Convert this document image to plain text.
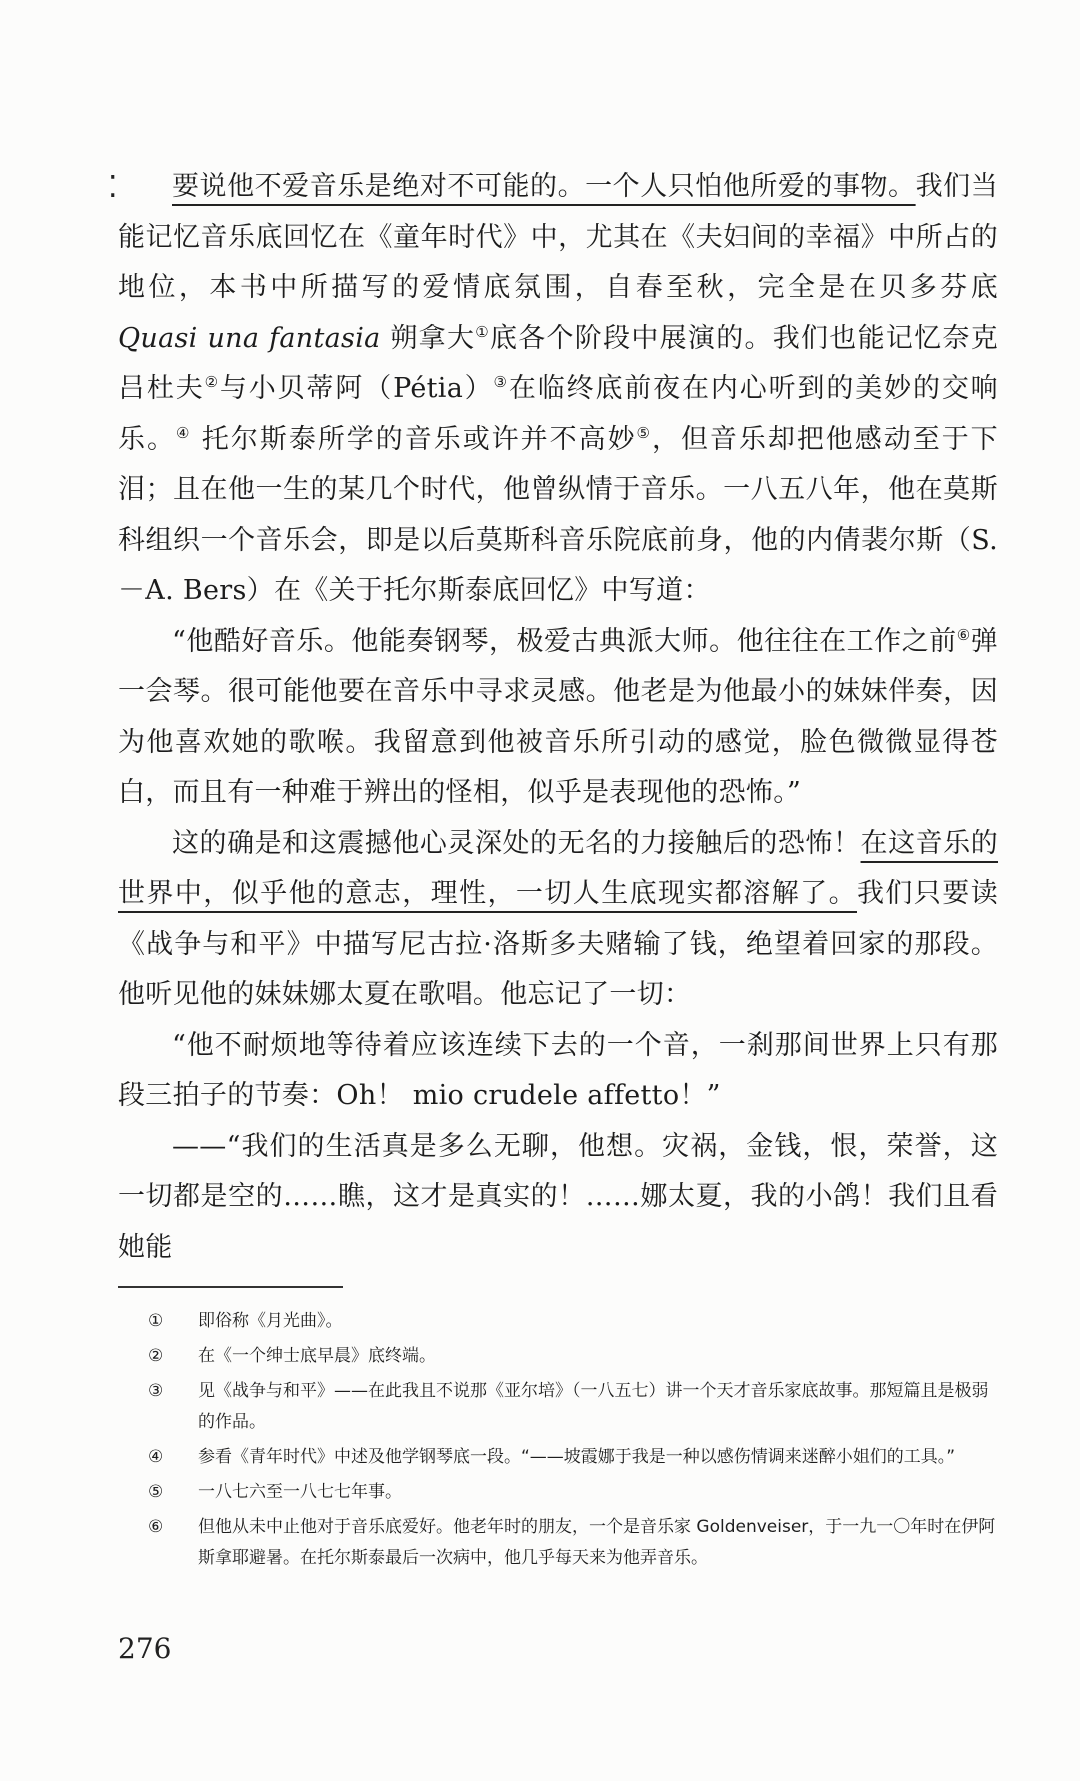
⁚	要说他不爱音乐是绝对不可能的。一个人只怕他所爱的事物。我们当能记忆音乐底回忆在《童年时代》中，尤其在《夫妇间的幸福》中所占的地位，本书中所描写的爱情底氛围，自春至秋，完全是在贝多芬底 Quasi una fantasia 朔拿大①底各个阶段中展演的。我们也能记忆奈克吕杜夫②与小贝蒂阿（Pétia）③在临终底前夜在内心听到的美妙的交响乐。④ 托尔斯泰所学的音乐或许并不高妙⑤，但音乐却把他感动至于下泪；且在他一生的某几个时代，他曾纵情于音乐。一八五八年，他在莫斯科组织一个音乐会，即是以后莫斯科音乐院底前身，他的内倩裴尔斯（S.－A. Bers）在《关于托尔斯泰底回忆》中写道：

“他酷好音乐。他能奏钢琴，极爱古典派大师。他往往在工作之前⑥弹一会琴。很可能他要在音乐中寻求灵感。他老是为他最小的妹妹伴奏，因为他喜欢她的歌喉。我留意到他被音乐所引动的感觉，脸色微微显得苍白，而且有一种难于辨出的怪相，似乎是表现他的恐怖。”

这的确是和这震撼他心灵深处的无名的力接触后的恐怖！在这音乐的世界中，似乎他的意志，理性，一切人生底现实都溶解了。我们只要读《战争与和平》中描写尼古拉·洛斯多夫赌输了钱，绝望着回家的那段。他听见他的妹妹娜太夏在歌唱。他忘记了一切：

“他不耐烦地等待着应该连续下去的一个音，一刹那间世界上只有那段三拍子的节奏：Oh！ mio crudele affetto！”

——“我们的生活真是多么无聊，他想。灾祸，金钱，恨，荣誉，这一切都是空的……瞧，这才是真实的！……娜太夏，我的小鸽！我们且看她能

①	即俗称《月光曲》。
②	在《一个绅士底早晨》底终端。
③	见《战争与和平》——在此我且不说那《亚尔培》（一八五七）讲一个天才音乐家底故事。那短篇且是极弱的作品。
④	参看《青年时代》中述及他学钢琴底一段。“——坡霞娜于我是一种以感伤情调来迷醉小姐们的工具。”
⑤	一八七六至一八七七年事。
⑥	但他从未中止他对于音乐底爱好。他老年时的朋友，一个是音乐家 Goldenveiser，于一九一〇年时在伊阿斯拿耶避暑。在托尔斯泰最后一次病中，他几乎每天来为他弄音乐。
276
